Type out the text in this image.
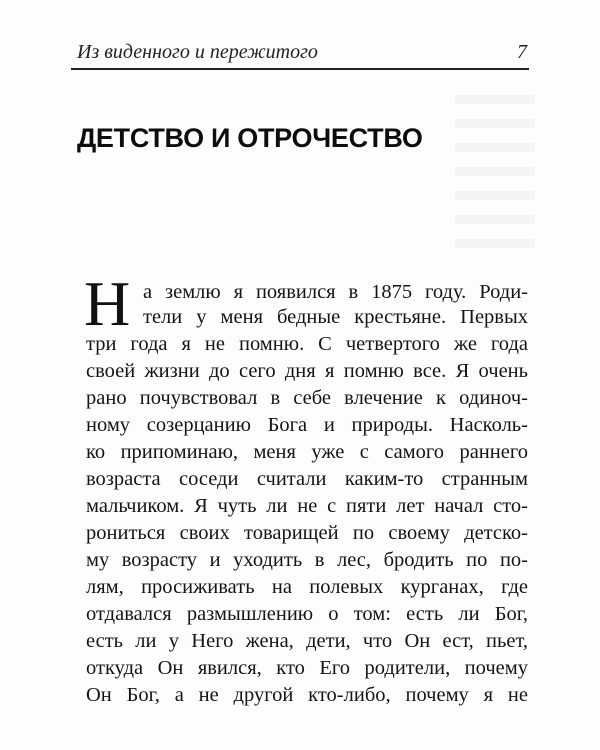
Из виденного и пережитого	7
ДЕТСТВО И ОТРОЧЕСТВО
Н а землю я появился в 1875 году. Роди-
тели у меня бедные крестьяне. Первых
три года я не помню. С четвертого же года
своей жизни до сего дня я помню все. Я очень
рано почувствовал в себе влечение к одиноч-
ному созерцанию Бога и природы. Насколь-
ко припоминаю, меня уже с самого раннего
возраста соседи считали каким-то странным
мальчиком. Я чуть ли не с пяти лет начал сто-
рониться своих товарищей по своему детско-
му возрасту и уходить в лес, бродить по по-
лям, просиживать на полевых курганах, где
отдавался размышлению о том: есть ли Бог,
есть ли у Него жена, дети, что Он ест, пьет,
откуда Он явился, кто Его родители, почему
Он Бог, а не другой кто-либо, почему я не
